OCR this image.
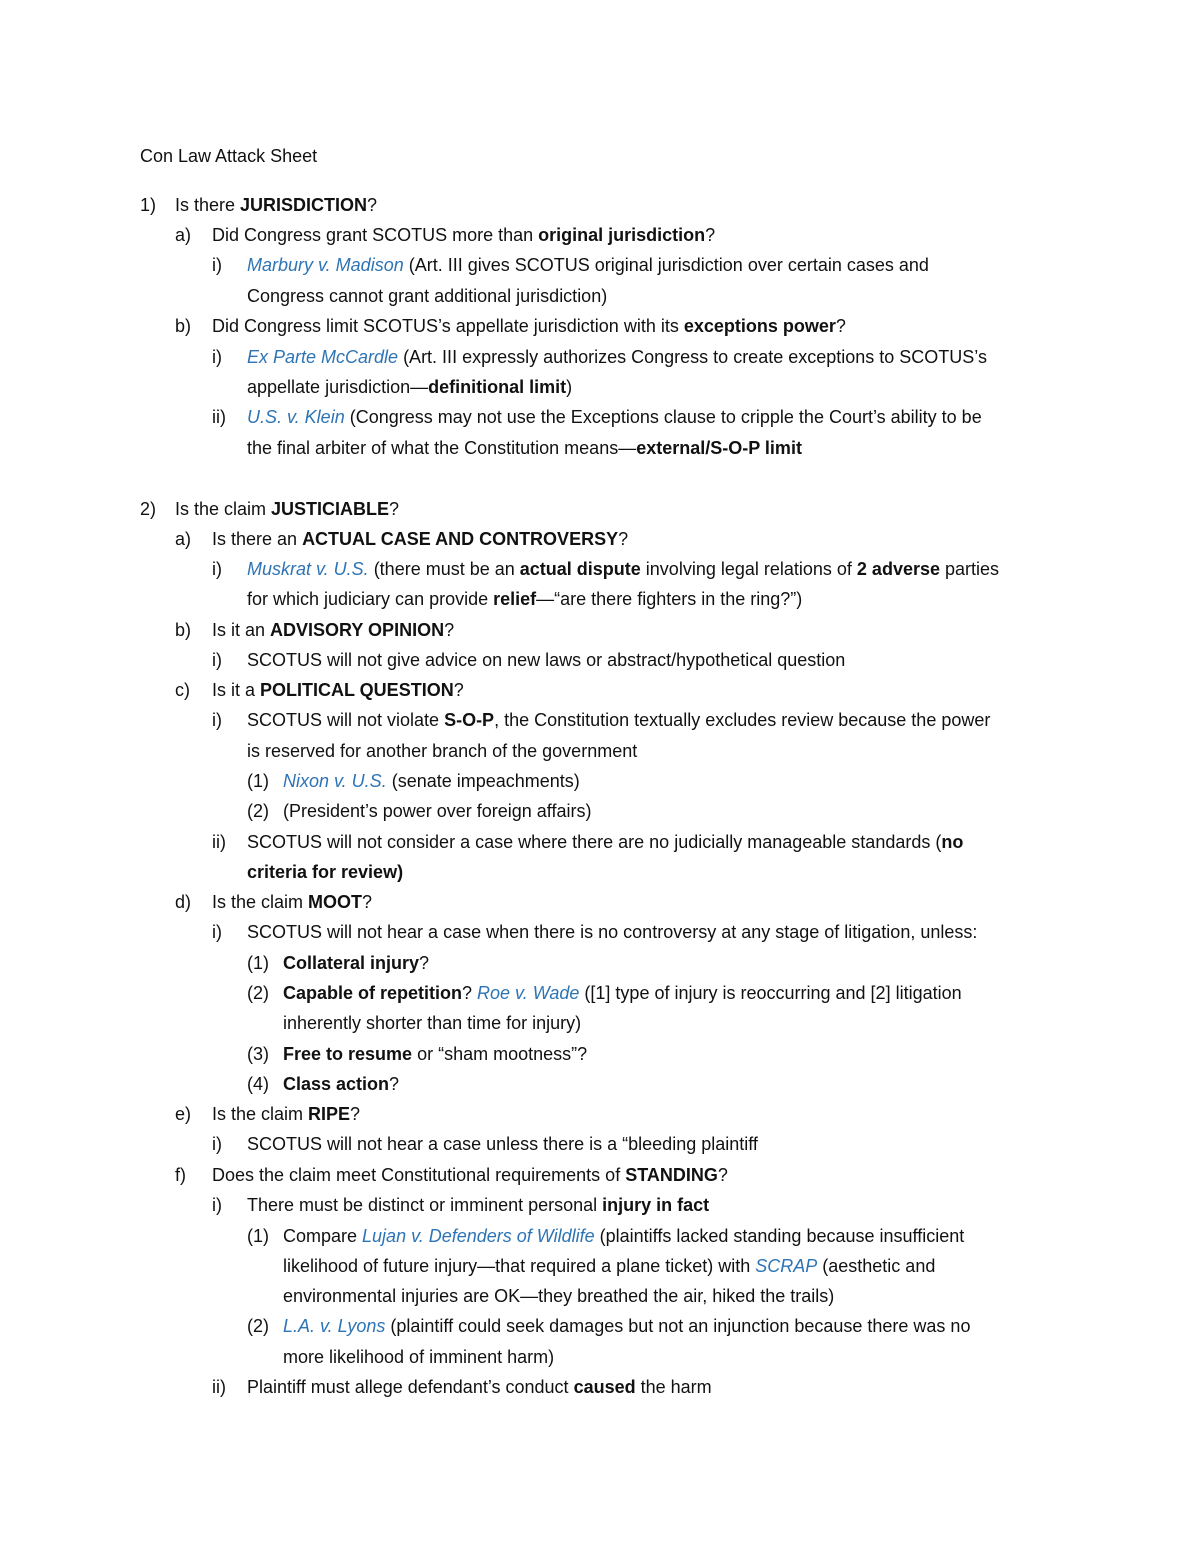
Con Law Attack Sheet
1) Is there JURISDICTION?
a) Did Congress grant SCOTUS more than original jurisdiction?
i) Marbury v. Madison (Art. III gives SCOTUS original jurisdiction over certain cases and
Congress cannot grant additional jurisdiction)
b) Did Congress limit SCOTUS’s appellate jurisdiction with its exceptions power?
i) Ex Parte McCardle (Art. III expressly authorizes Congress to create exceptions to SCOTUS’s
appellate jurisdiction—definitional limit)
ii) U.S. v. Klein (Congress may not use the Exceptions clause to cripple the Court’s ability to be
the final arbiter of what the Constitution means—external/S-O-P limit
2) Is the claim JUSTICIABLE?
a) Is there an ACTUAL CASE AND CONTROVERSY?
i) Muskrat v. U.S. (there must be an actual dispute involving legal relations of 2 adverse parties
for which judiciary can provide relief—“are there fighters in the ring?”)
b) Is it an ADVISORY OPINION?
i) SCOTUS will not give advice on new laws or abstract/hypothetical question
c) Is it a POLITICAL QUESTION?
i) SCOTUS will not violate S-O-P, the Constitution textually excludes review because the power
is reserved for another branch of the government
(1) Nixon v. U.S. (senate impeachments)
(2) (President’s power over foreign affairs)
ii) SCOTUS will not consider a case where there are no judicially manageable standards (no
criteria for review)
d) Is the claim MOOT?
i) SCOTUS will not hear a case when there is no controversy at any stage of litigation, unless:
(1) Collateral injury?
(2) Capable of repetition? Roe v. Wade ([1] type of injury is reoccurring and [2] litigation
inherently shorter than time for injury)
(3) Free to resume or “sham mootness”?
(4) Class action?
e) Is the claim RIPE?
i) SCOTUS will not hear a case unless there is a “bleeding plaintiff
f) Does the claim meet Constitutional requirements of STANDING?
i) There must be distinct or imminent personal injury in fact
(1) Compare Lujan v. Defenders of Wildlife (plaintiffs lacked standing because insufficient
likelihood of future injury—that required a plane ticket) with SCRAP (aesthetic and
environmental injuries are OK—they breathed the air, hiked the trails)
(2) L.A. v. Lyons (plaintiff could seek damages but not an injunction because there was no
more likelihood of imminent harm)
ii) Plaintiff must allege defendant’s conduct caused the harm
